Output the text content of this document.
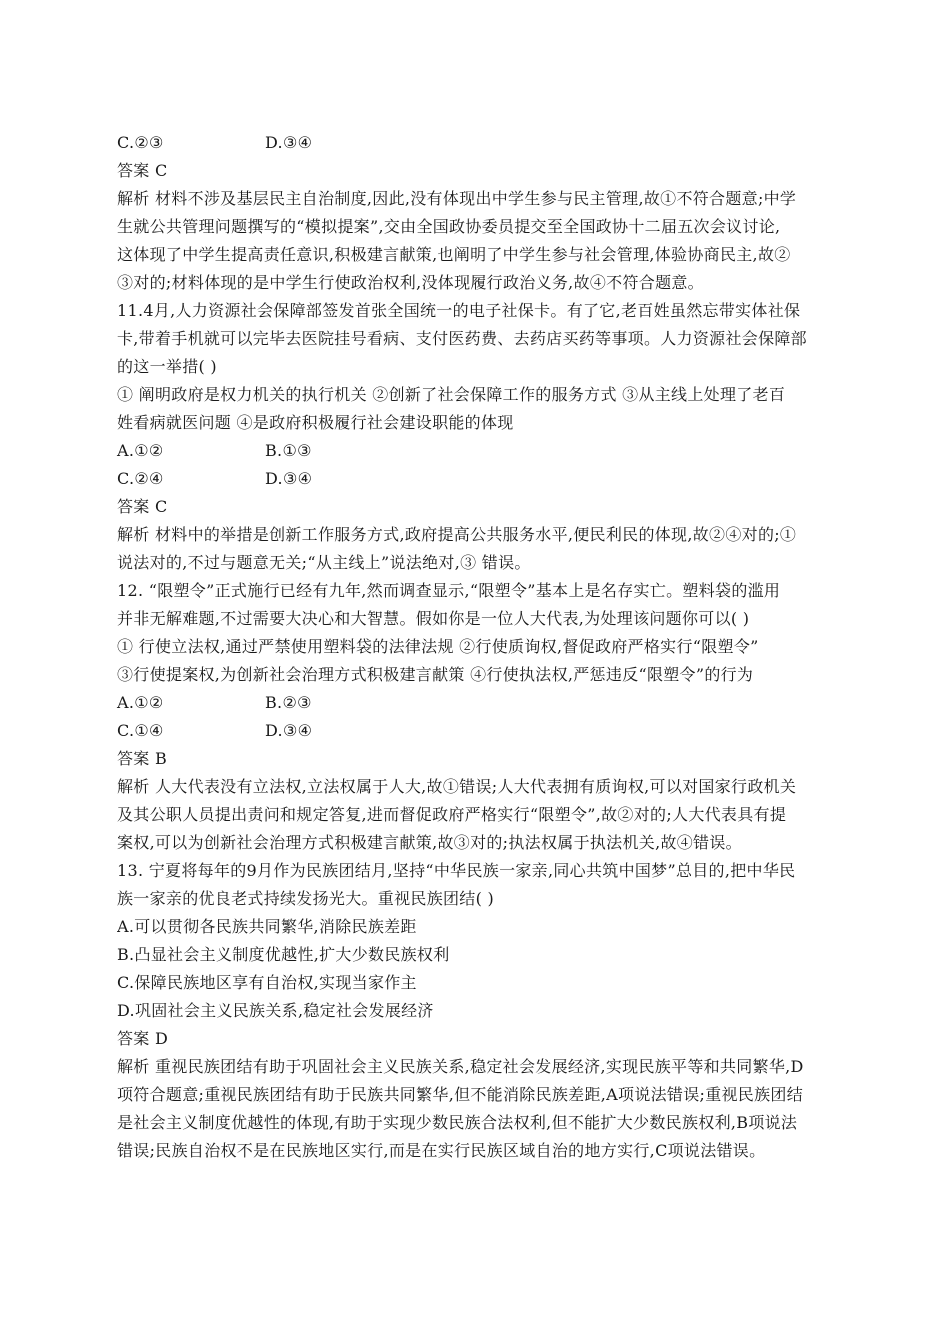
C.②③	D.③④
答案 C
解析 材料不涉及基层民主自治制度,因此,没有体现出中学生参与民主管理,故①不符合题意;中学
生就公共管理问题撰写的“模拟提案”,交由全国政协委员提交至全国政协十二届五次会议讨论,
这体现了中学生提高责任意识,积极建言献策,也阐明了中学生参与社会管理,体验协商民主,故②
③对的;材料体现的是中学生行使政治权利,没体现履行政治义务,故④不符合题意。
11.4月,人力资源社会保障部签发首张全国统一的电子社保卡。有了它,老百姓虽然忘带实体社保
卡,带着手机就可以完毕去医院挂号看病、支付医药费、去药店买药等事项。人力资源社会保障部
的这一举措( )
① 阐明政府是权力机关的执行机关 ②创新了社会保障工作的服务方式 ③从主线上处理了老百
姓看病就医问题 ④是政府积极履行社会建设职能的体现
A.①②	B.①③
C.②④	D.③④
答案 C
解析 材料中的举措是创新工作服务方式,政府提高公共服务水平,便民利民的体现,故②④对的;①
说法对的,不过与题意无关;“从主线上”说法绝对,③ 错误。
12. “限塑令”正式施行已经有九年,然而调查显示,“限塑令”基本上是名存实亡。塑料袋的滥用
并非无解难题,不过需要大决心和大智慧。假如你是一位人大代表,为处理该问题你可以( )
① 行使立法权,通过严禁使用塑料袋的法律法规 ②行使质询权,督促政府严格实行“限塑令”
③行使提案权,为创新社会治理方式积极建言献策 ④行使执法权,严惩违反“限塑令”的行为
A.①②	B.②③
C.①④	D.③④
答案 B
解析 人大代表没有立法权,立法权属于人大,故①错误;人大代表拥有质询权,可以对国家行政机关
及其公职人员提出责问和规定答复,进而督促政府严格实行“限塑令”,故②对的;人大代表具有提
案权,可以为创新社会治理方式积极建言献策,故③对的;执法权属于执法机关,故④错误。
13. 宁夏将每年的9月作为民族团结月,坚持“中华民族一家亲,同心共筑中国梦”总目的,把中华民
族一家亲的优良老式持续发扬光大。重视民族团结( )
A.可以贯彻各民族共同繁华,消除民族差距
B.凸显社会主义制度优越性,扩大少数民族权利
C.保障民族地区享有自治权,实现当家作主
D.巩固社会主义民族关系,稳定社会发展经济
答案 D
解析 重视民族团结有助于巩固社会主义民族关系,稳定社会发展经济,实现民族平等和共同繁华,D
项符合题意;重视民族团结有助于民族共同繁华,但不能消除民族差距,A项说法错误;重视民族团结
是社会主义制度优越性的体现,有助于实现少数民族合法权利,但不能扩大少数民族权利,B项说法
错误;民族自治权不是在民族地区实行,而是在实行民族区域自治的地方实行,C项说法错误。
